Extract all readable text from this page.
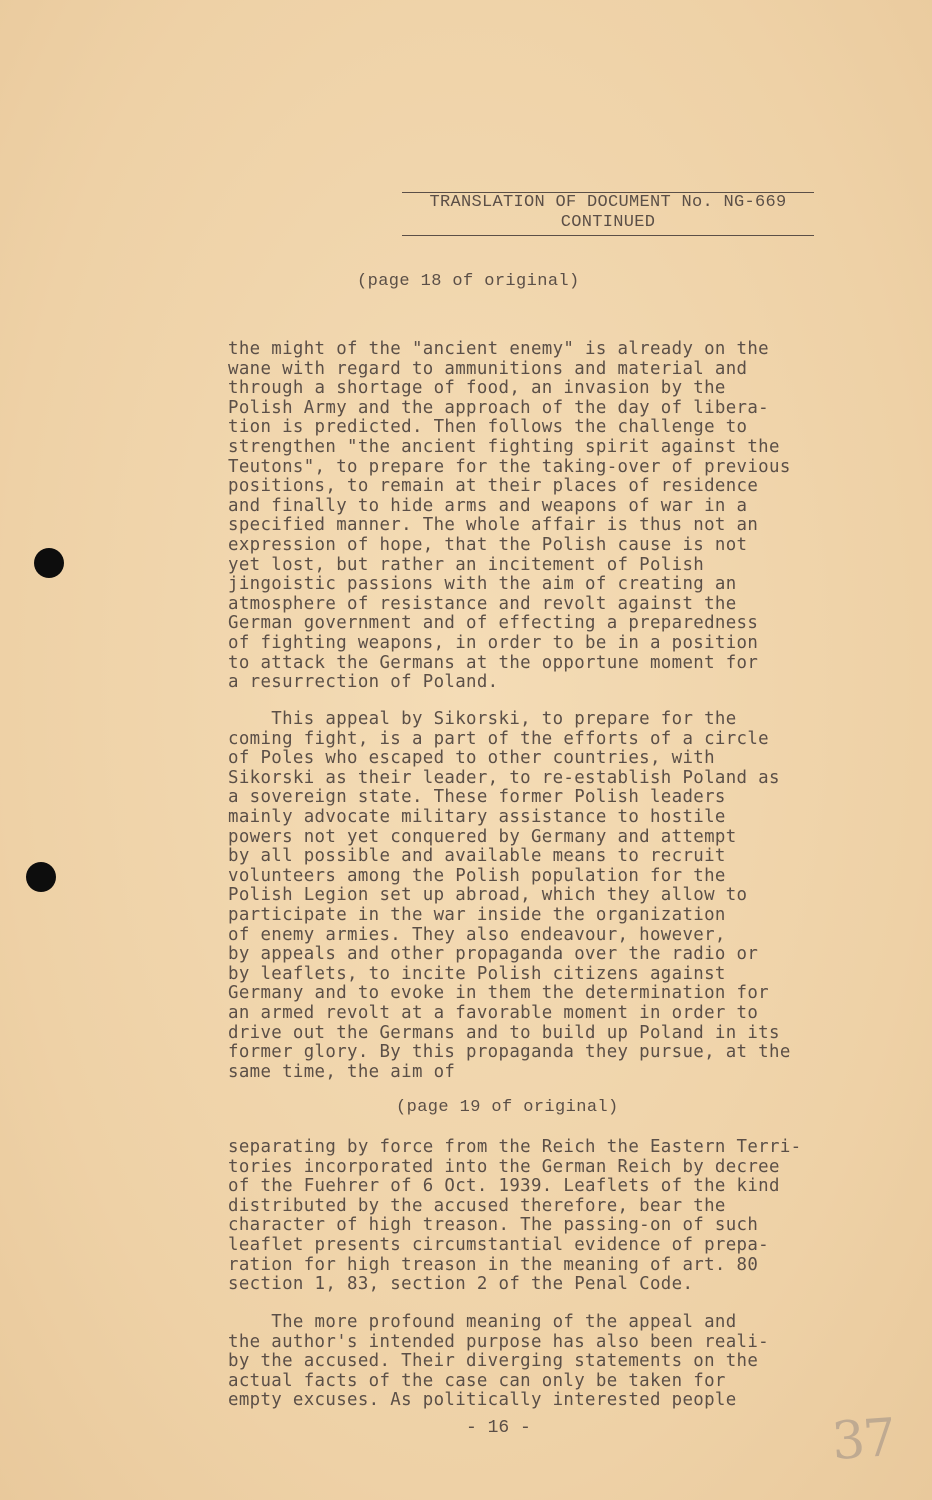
TRANSLATION OF DOCUMENT No. NG-669
CONTINUED
(page 18 of original)
the might of the "ancient enemy" is already on the
wane with regard to ammunitions and material and
through a shortage of food, an invasion by the
Polish Army and the approach of the day of libera-
tion is predicted. Then follows the challenge to
strengthen "the ancient fighting spirit against the
Teutons", to prepare for the taking-over of previous
positions, to remain at their places of residence
and finally to hide arms and weapons of war in a
specified manner. The whole affair is thus not an
expression of hope, that the Polish cause is not
yet lost, but rather an incitement of Polish
jingoistic passions with the aim of creating an
atmosphere of resistance and revolt against the
German government and of effecting a preparedness
of fighting weapons, in order to be in a position
to attack the Germans at the opportune moment for
a resurrection of Poland.
This appeal by Sikorski, to prepare for the
coming fight, is a part of the efforts of a circle
of Poles who escaped to other countries, with
Sikorski as their leader, to re-establish Poland as
a sovereign state. These former Polish leaders
mainly advocate military assistance to hostile
powers not yet conquered by Germany and attempt
by all possible and available means to recruit
volunteers among the Polish population for the
Polish Legion set up abroad, which they allow to
participate in the war inside the organization
of enemy armies. They also endeavour, however,
by appeals and other propaganda over the radio or
by leaflets, to incite Polish citizens against
Germany and to evoke in them the determination for
an armed revolt at a favorable moment in order to
drive out the Germans and to build up Poland in its
former glory. By this propaganda they pursue, at the
same time, the aim of
(page 19 of original)
separating by force from the Reich the Eastern Terri-
tories incorporated into the German Reich by decree
of the Fuehrer of 6 Oct. 1939. Leaflets of the kind
distributed by the accused therefore, bear the
character of high treason. The passing-on of such
leaflet presents circumstantial evidence of prepa-
ration for high treason in the meaning of art. 80
section 1, 83, section 2 of the Penal Code.
The more profound meaning of the appeal and
the author's intended purpose has also been reali-
by the accused. Their diverging statements on the
actual facts of the case can only be taken for
empty excuses. As politically interested people
- 16 -	37
